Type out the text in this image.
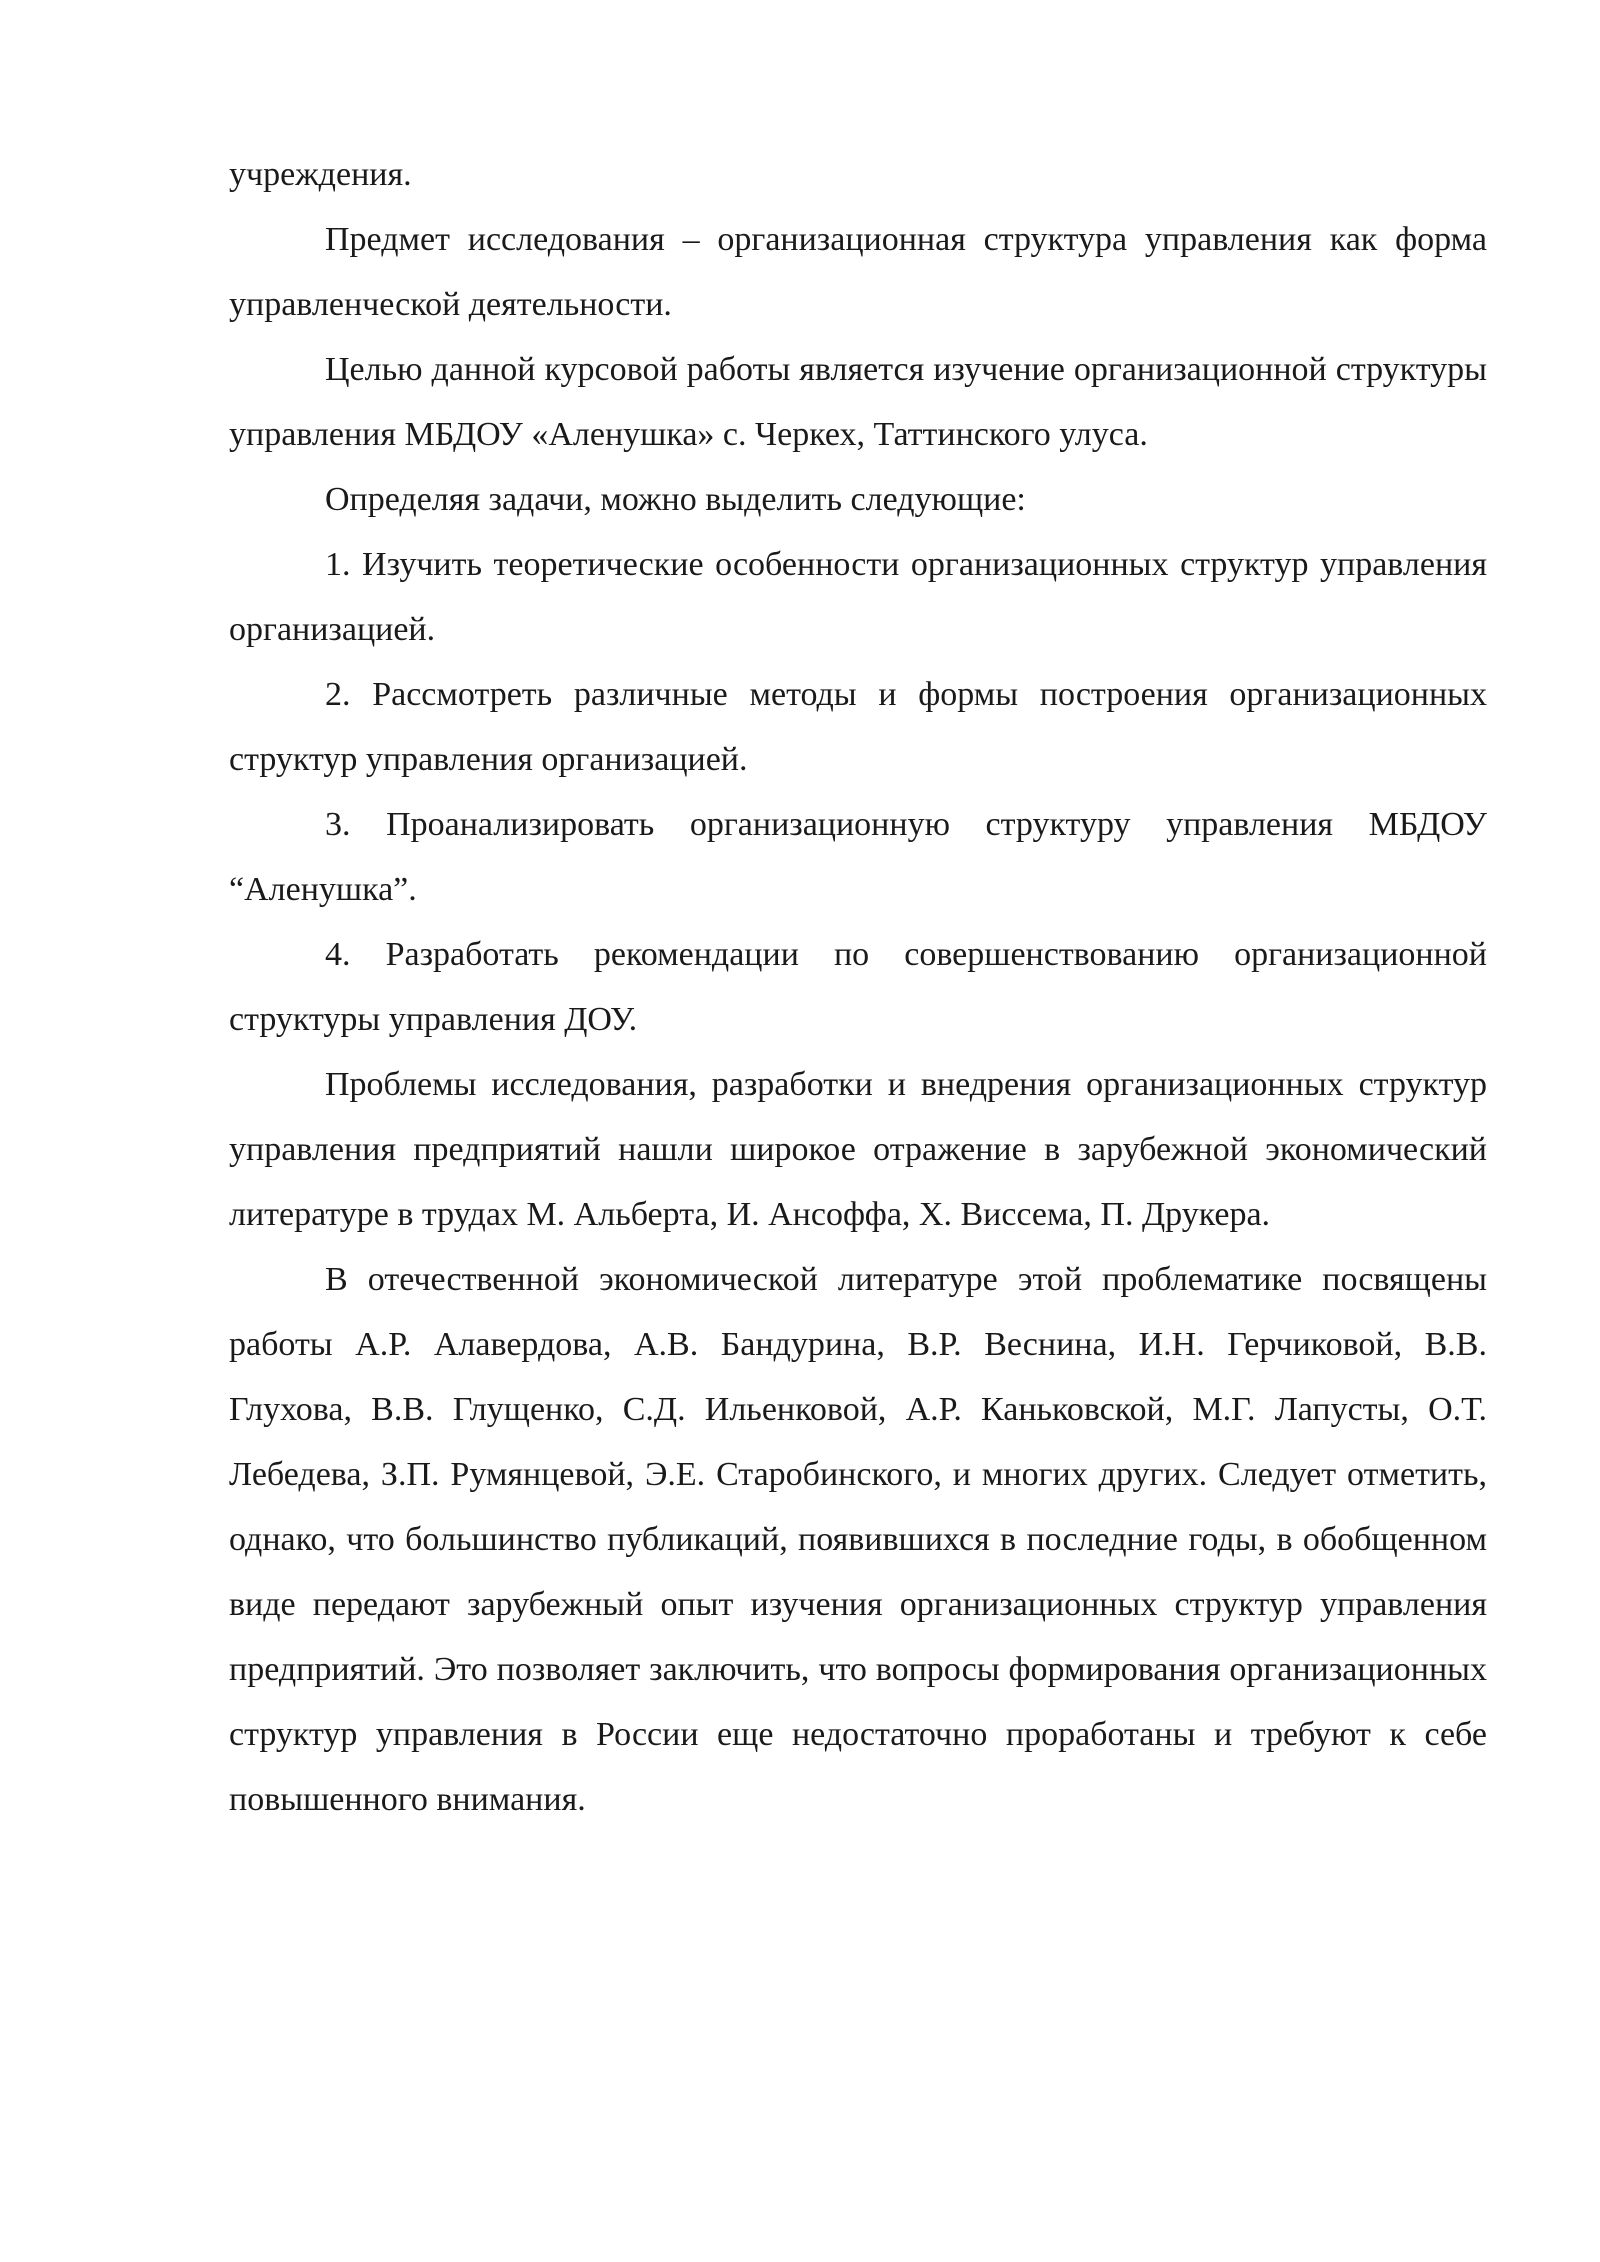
учреждения.

Предмет исследования – организационная структура управления как форма управленческой деятельности.

Целью данной курсовой работы является изучение организационной структуры управления МБДОУ «Аленушка» с. Черкех, Таттинского улуса.

Определяя задачи, можно выделить следующие:

1. Изучить теоретические особенности организационных структур управления организацией.

2. Рассмотреть различные методы и формы построения организационных структур управления организацией.

3. Проанализировать организационную структуру управления МБДОУ “Аленушка”.

4. Разработать рекомендации по совершенствованию организационной структуры управления ДОУ.

Проблемы исследования, разработки и внедрения организационных структур управления предприятий нашли широкое отражение в зарубежной экономический литературе в трудах М. Альберта, И. Ансоффа, Х. Виссема, П. Друкера.

В отечественной экономической литературе этой проблематике посвящены работы А.Р. Алавердова, А.В. Бандурина, В.Р. Веснина, И.Н. Герчиковой, В.В. Глухова, В.В. Глущенко, С.Д. Ильенковой, А.Р. Каньковской, М.Г. Лапусты, О.Т. Лебедева, З.П. Румянцевой, Э.Е. Старобинского, и многих других. Следует отметить, однако, что большинство публикаций, появившихся в последние годы, в обобщенном виде передают зарубежный опыт изучения организационных структур управления предприятий. Это позволяет заключить, что вопросы формирования организационных структур управления в России еще недостаточно проработаны и требуют к себе повышенного внимания.
